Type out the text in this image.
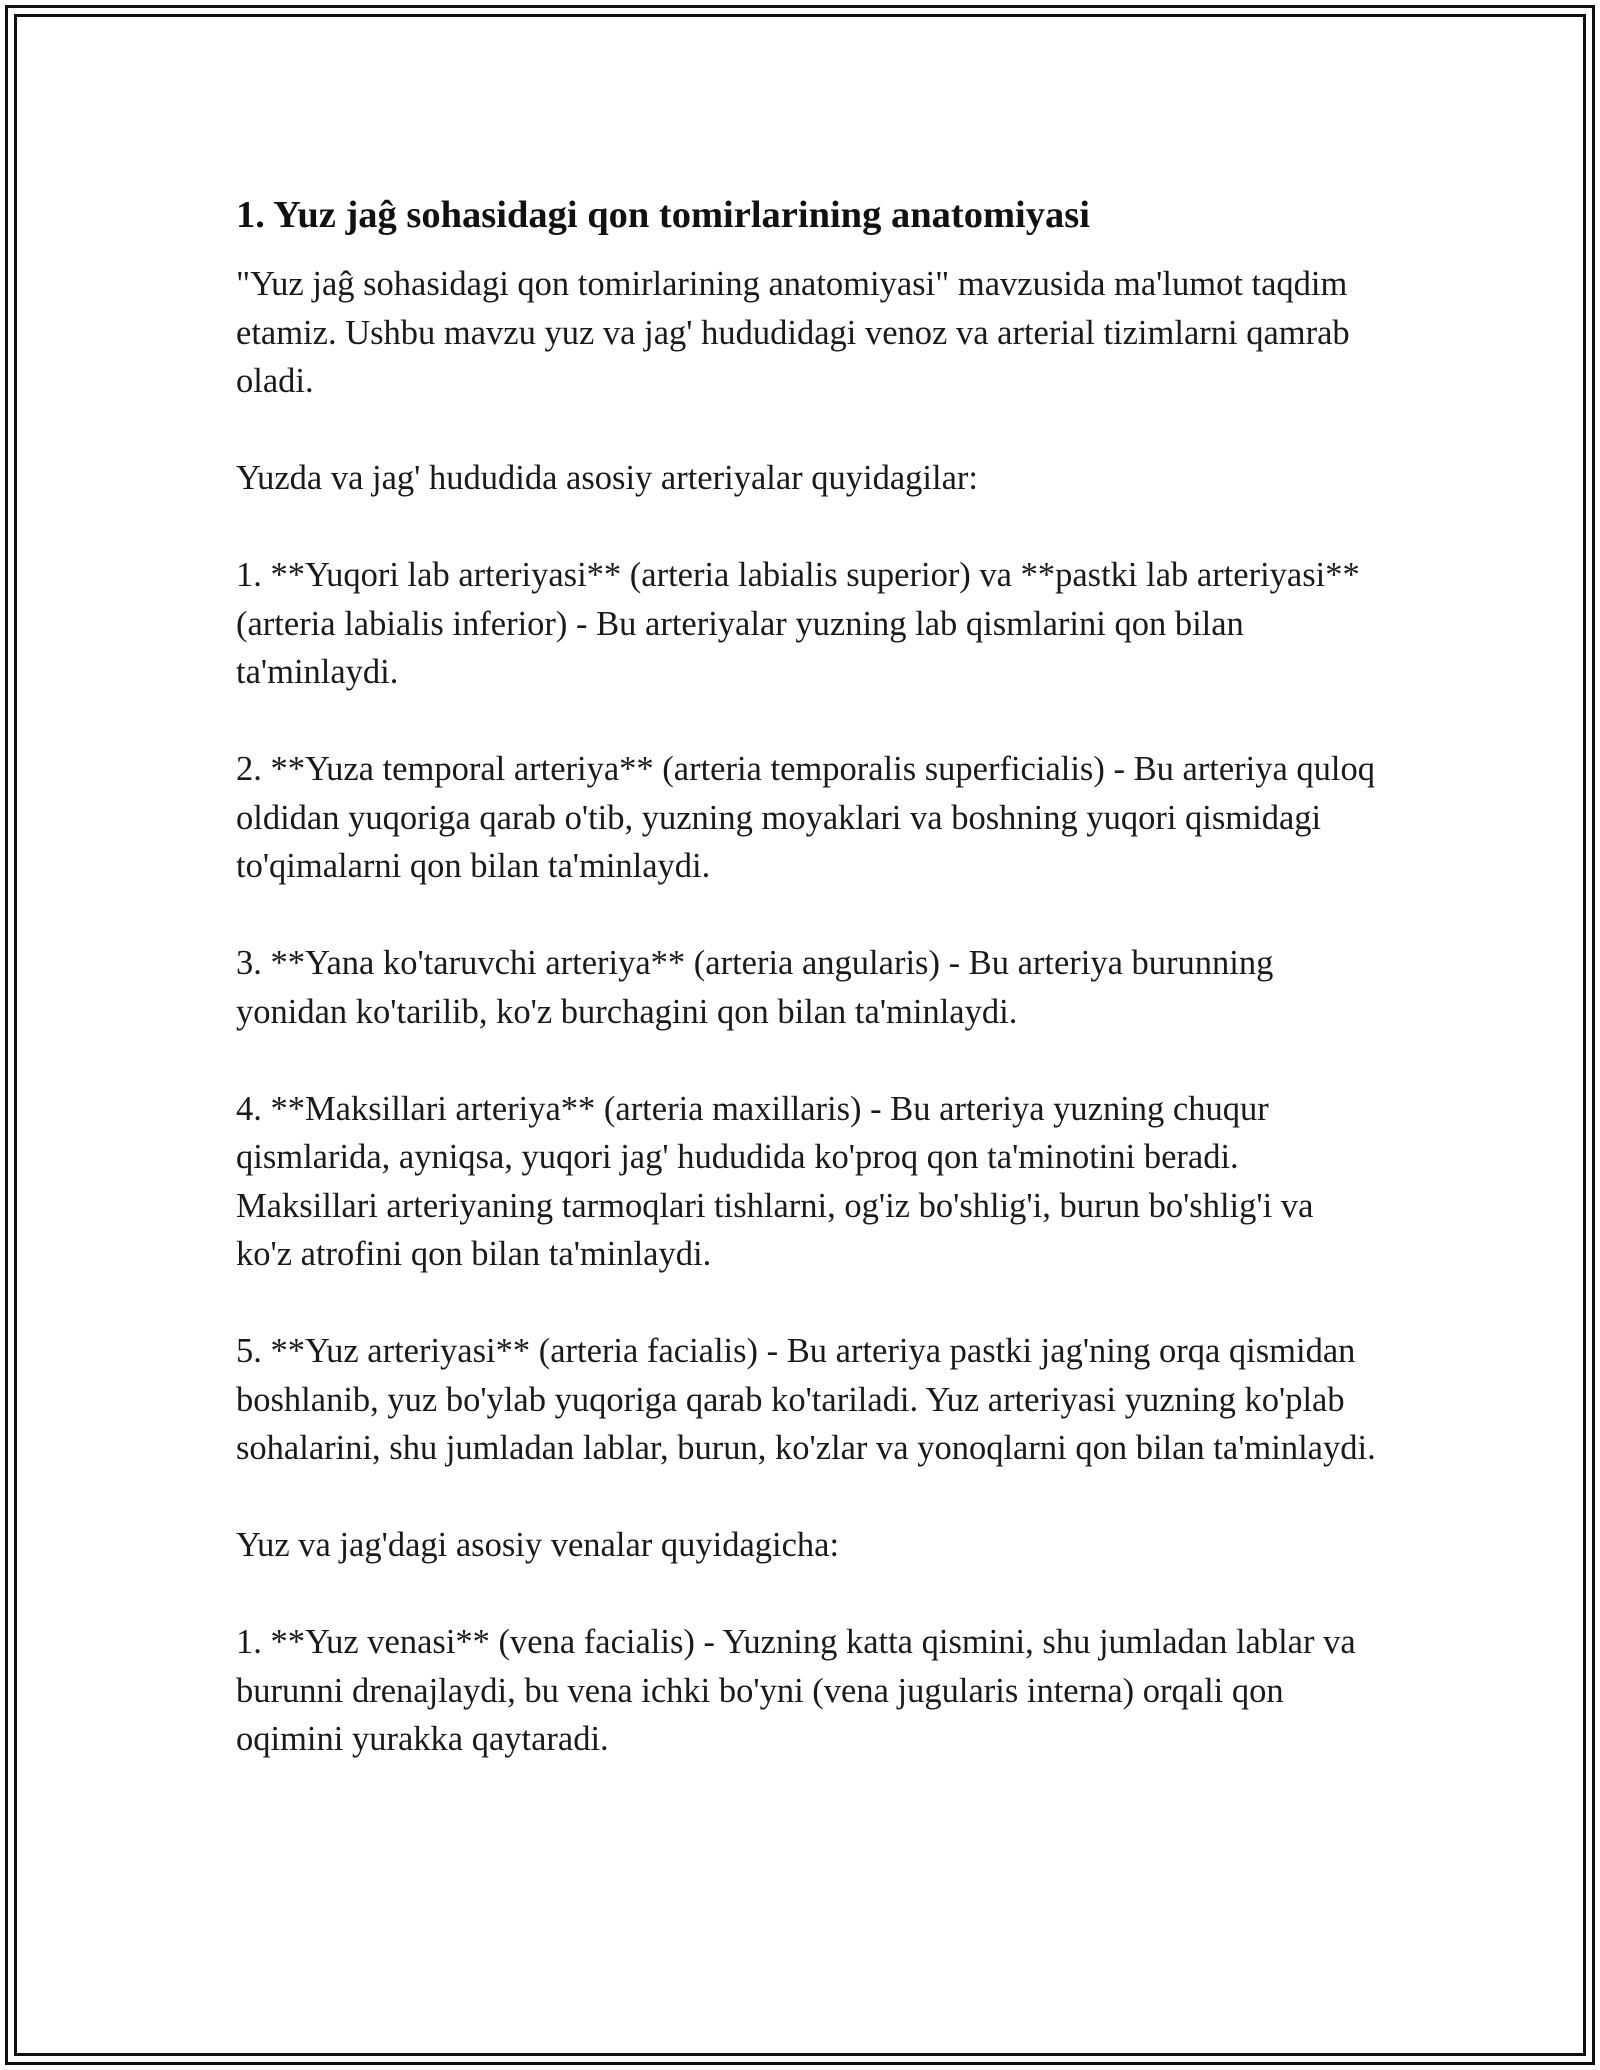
1. Yuz jaĝ sohasidagi qon tomirlarining anatomiyasi

"Yuz jaĝ sohasidagi qon tomirlarining anatomiyasi" mavzusida ma'lumot taqdim etamiz. Ushbu mavzu yuz va jag' hududidagi venoz va arterial tizimlarni qamrab oladi.

Yuzda va jag' hududida asosiy arteriyalar quyidagilar:

1. **Yuqori lab arteriyasi** (arteria labialis superior) va **pastki lab arteriyasi** (arteria labialis inferior) - Bu arteriyalar yuzning lab qismlarini qon bilan ta'minlaydi.

2. **Yuza temporal arteriya** (arteria temporalis superficialis) - Bu arteriya quloq oldidan yuqoriga qarab o'tib, yuzning moyaklari va boshning yuqori qismidagi to'qimalarni qon bilan ta'minlaydi.

3. **Yana ko'taruvchi arteriya** (arteria angularis) - Bu arteriya burunning yonidan ko'tarilib, ko'z burchagini qon bilan ta'minlaydi.

4. **Maksillari arteriya** (arteria maxillaris) - Bu arteriya yuzning chuqur qismlarida, ayniqsa, yuqori jag' hududida ko'proq qon ta'minotini beradi. Maksillari arteriyaning tarmoqlari tishlarni, og'iz bo'shlig'i, burun bo'shlig'i va ko'z atrofini qon bilan ta'minlaydi.

5. **Yuz arteriyasi** (arteria facialis) - Bu arteriya pastki jag'ning orqa qismidan boshlanib, yuz bo'ylab yuqoriga qarab ko'tariladi. Yuz arteriyasi yuzning ko'plab sohalarini, shu jumladan lablar, burun, ko'zlar va yonoqlarni qon bilan ta'minlaydi.

Yuz va jag'dagi asosiy venalar quyidagicha:

1. **Yuz venasi** (vena facialis) - Yuzning katta qismini, shu jumladan lablar va burunni drenajlaydi, bu vena ichki bo'yni (vena jugularis interna) orqali qon oqimini yurakka qaytaradi.
